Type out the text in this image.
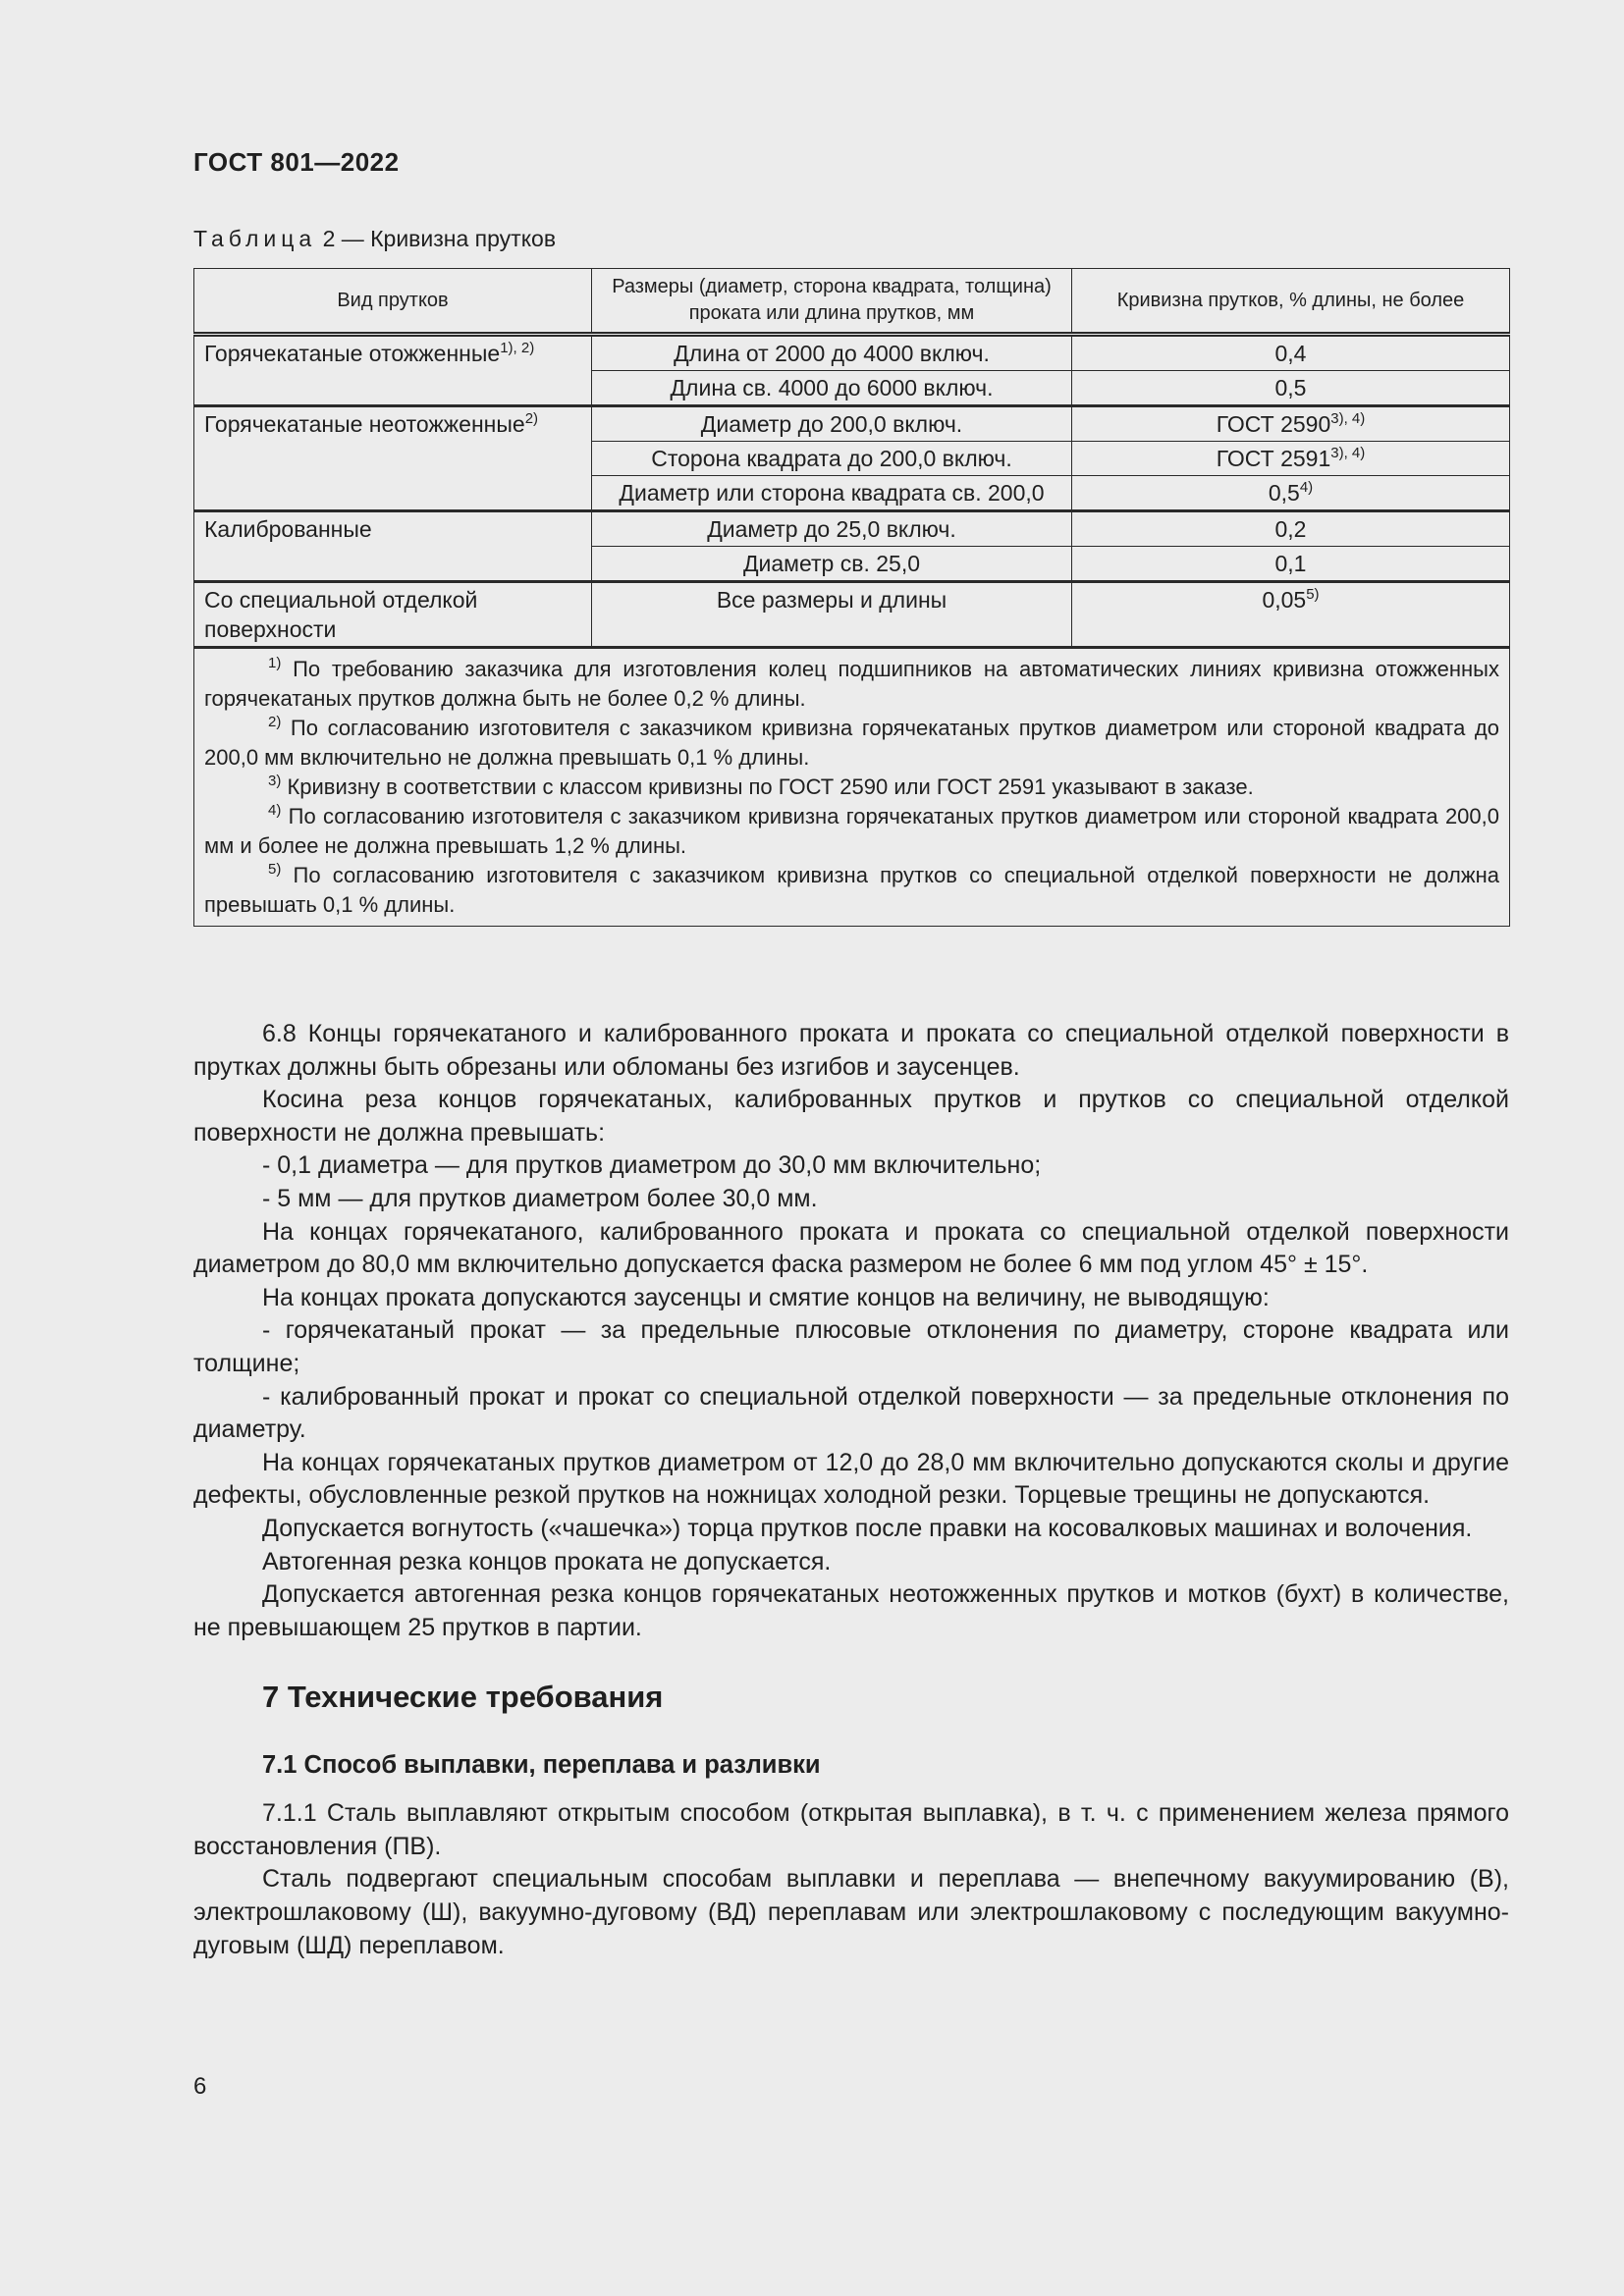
ГОСТ 801—2022
Таблица 2 — Кривизна прутков
Вид прутков	Размеры (диаметр, сторона квадрата, толщина) проката или длина прутков, мм	Кривизна прутков, % длины, не более
Горячекатаные отожженные$^{1), 2)}$	Длина от 2000 до 4000 включ.	0,4
	Длина св. 4000 до 6000 включ.	0,5
Горячекатаные неотожженные$^{2)}$	Диаметр до 200,0 включ.	ГОСТ $2590^{3), 4)}$
	Сторона квадрата до 200,0 включ.	ГОСТ $2591^{3), 4)}$
	Диаметр или сторона квадрата св. 200,0	0,5$^{4)}$
Калиброванные	Диаметр до 25,0 включ.	0,2
	Диаметр св. 25,0	0,1
Со специальной отделкой поверхности	Все размеры и длины	0,05$^{5)}$

$^{1)}$ По требованию заказчика для изготовления колец подшипников на автоматических линиях кривизна отожженных горячекатаных прутков должна быть не более 0,2 % длины.
$^{2)}$ По согласованию изготовителя с заказчиком кривизна горячекатаных прутков диаметром или стороной квадрата до 200,0 мм включительно не должна превышать 0,1 % длины.
$^{3)}$ Кривизну в соответствии с классом кривизны по ГОСТ 2590 или ГОСТ 2591 указывают в заказе.
$^{4)}$ По согласованию изготовителя с заказчиком кривизна горячекатаных прутков диаметром или стороной квадрата 200,0 мм и более не должна превышать 1,2 % длины.
$^{5)}$ По согласованию изготовителя с заказчиком кривизна прутков со специальной отделкой поверхности не должна превышать 0,1 % длины.		

6.8 Концы горячекатаного и калиброванного проката и проката со специальной отделкой поверхности в прутках должны быть обрезаны или обломаны без изгибов и заусенцев.

Косина реза концов горячекатаных, калиброванных прутков и прутков со специальной отделкой поверхности не должна превышать:

- 0,1 диаметра — для прутков диаметром до 30,0 мм включительно;

- 5 мм — для прутков диаметром более 30,0 мм.

На концах горячекатаного, калиброванного проката и проката со специальной отделкой поверхности диаметром до 80,0 мм включительно допускается фаска размером не более 6 мм под углом 45° ± 15°.

На концах проката допускаются заусенцы и смятие концов на величину, не выводящую:

- горячекатаный прокат — за предельные плюсовые отклонения по диаметру, стороне квадрата или толщине;

- калиброванный прокат и прокат со специальной отделкой поверхности — за предельные отклонения по диаметру.

На концах горячекатаных прутков диаметром от 12,0 до 28,0 мм включительно допускаются сколы и другие дефекты, обусловленные резкой прутков на ножницах холодной резки. Торцевые трещины не допускаются.

Допускается вогнутость («чашечка») торца прутков после правки на косовалковых машинах и волочения.

Автогенная резка концов проката не допускается.

Допускается автогенная резка концов горячекатаных неотожженных прутков и мотков (бухт) в количестве, не превышающем 25 прутков в партии.

7 Технические требования
7.1 Способ выплавки, переплава и разливки

7.1.1 Сталь выплавляют открытым способом (открытая выплавка), в т. ч. с применением железа прямого восстановления (ПВ).

Сталь подвергают специальным способам выплавки и переплава — внепечному вакуумированию (В), электрошлаковому (Ш), вакуумно-дуговому (ВД) переплавам или электрошлаковому с последующим вакуумно-дуговым (ШД) переплавом.

6
